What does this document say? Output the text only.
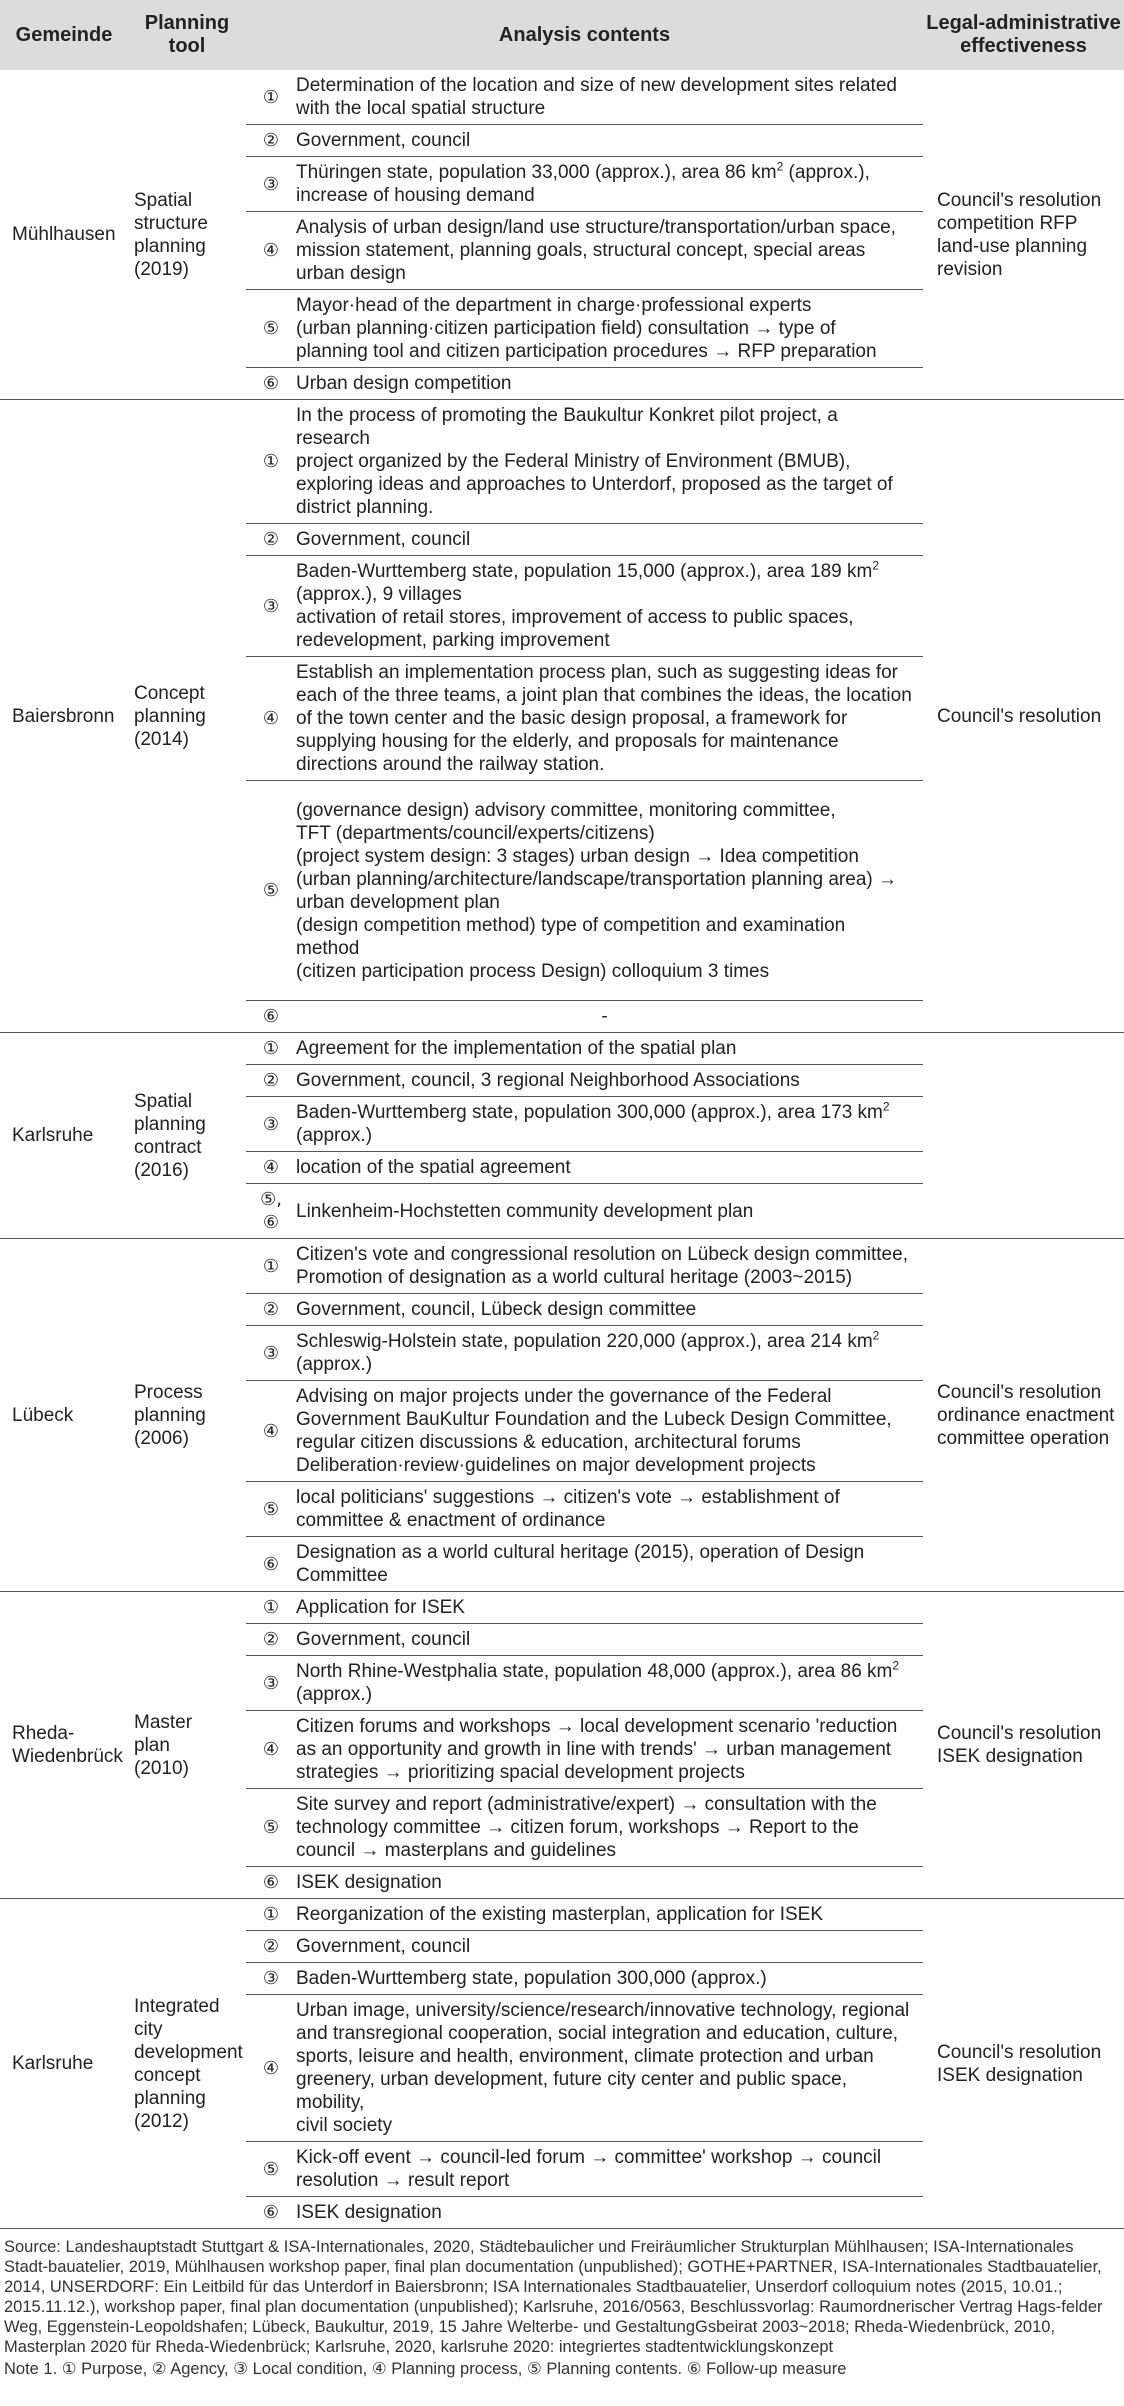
Gemeinde
Planning
tool
Analysis contents
Legal-administrative
effectiveness
Mühlhausen
Spatial
structure
planning
(2019)
①
Determination of the location and size of new development sites related
with the local spatial structure
② Government, council
③
Thüringen state, population 33,000 (approx.), area 86 $km^2$ (approx.),
increase of housing demand
④
Analysis of urban design/land use structure/transportation/urban space,
mission statement, planning goals, structural concept, special areas
urban design
⑤
Mayor·head of the department in charge·professional experts
(urban planning·citizen participation field) consultation → type of
planning tool and citizen participation procedures → RFP preparation
⑥ Urban design competition
Council's resolution
competition RFP
land-use planning
revision
Baiersbronn
Concept
planning
(2014)
①
In the process of promoting the Baukultur Konkret pilot project, a research
project organized by the Federal Ministry of Environment (BMUB),
exploring ideas and approaches to Unterdorf, proposed as the target of
district planning.
② Government, council
③
Baden-Wurttemberg state, population 15,000 (approx.), area 189 $km^2$
(approx.), 9 villages
activation of retail stores, improvement of access to public spaces,
redevelopment, parking improvement
④
Establish an implementation process plan, such as suggesting ideas for
each of the three teams, a joint plan that combines the ideas, the location
of the town center and the basic design proposal, a framework for
supplying housing for the elderly, and proposals for maintenance
directions around the railway station.
⑤
(governance design) advisory committee, monitoring committee,
TFT (departments/council/experts/citizens)
(project system design: 3 stages) urban design → Idea competition
(urban planning/architecture/landscape/transportation planning area) →
urban development plan
(design competition method) type of competition and examination
method
(citizen participation process Design) colloquium 3 times
⑥	-
Council's resolution
Karlsruhe
Spatial
planning
contract
(2016)
① Agreement for the implementation of the spatial plan
② Government, council, 3 regional Neighborhood Associations
③
Baden-Wurttemberg state, population 300,000 (approx.), area 173 $km^2$
(approx.)
④ location of the spatial agreement
⑤,
⑥
Linkenheim-Hochstetten community development plan
Lübeck
Process
planning
(2006)
①
Citizen's vote and congressional resolution on Lübeck design committee,
Promotion of designation as a world cultural heritage (2003~2015)
② Government, council, Lübeck design committee
③
Schleswig-Holstein state, population 220,000 (approx.), area 214 $km^2$
(approx.)
④
Advising on major projects under the governance of the Federal
Government BauKultur Foundation and the Lubeck Design Committee,
regular citizen discussions & education, architectural forums
Deliberation·review·guidelines on major development projects
⑤
local politicians' suggestions → citizen's vote → establishment of
committee & enactment of ordinance
⑥
Designation as a world cultural heritage (2015), operation of Design
Committee
Council's resolution
ordinance enactment
committee operation
Rheda-
Wiedenbrück
Master
plan
(2010)
① Application for ISEK
② Government, council
③
North Rhine-Westphalia state, population 48,000 (approx.), area 86 $km^2$
(approx.)
④
Citizen forums and workshops → local development scenario 'reduction
as an opportunity and growth in line with trends' → urban management
strategies → prioritizing spacial development projects
⑤
Site survey and report (administrative/expert) → consultation with the
technology committee → citizen forum, workshops → Report to the
council → masterplans and guidelines
⑥ ISEK designation
Council's resolution
ISEK designation
Karlsruhe
Integrated
city
development
concept
planning
(2012)
① Reorganization of the existing masterplan, application for ISEK
② Government, council
③ Baden-Wurttemberg state, population 300,000 (approx.)
④
Urban image, university/science/research/innovative technology, regional
and transregional cooperation, social integration and education, culture,
sports, leisure and health, environment, climate protection and urban
greenery, urban development, future city center and public space, mobility,
civil society
⑤
Kick-off event → council-led forum → committee' workshop → council
resolution → result report
⑥ ISEK designation
Council's resolution
ISEK designation
Source: Landeshauptstadt Stuttgart & ISA-Internationales, 2020, Städtebaulicher und Freiräumlicher Strukturplan Mühlhausen; ISA-Internationales Stadt-bauatelier, 2019, Mühlhausen workshop paper, final plan documentation (unpublished); GOTHE+PARTNER, ISA-Internationales Stadtbauatelier, 2014, UNSERDORF: Ein Leitbild für das Unterdorf in Baiersbronn; ISA Internationales Stadtbauatelier, Unserdorf colloquium notes (2015, 10.01.; 2015.11.12.), workshop paper, final plan documentation (unpublished); Karlsruhe, 2016/0563, Beschlussvorlag: Raumordnerischer Vertrag Hags-felder Weg, Eggenstein-Leopoldshafen; Lübeck, Baukultur, 2019, 15 Jahre Welterbe- und GestaltungGsbeirat 2003~2018; Rheda-Wiedenbrück, 2010, Masterplan 2020 für Rheda-Wiedenbrück; Karlsruhe, 2020, karlsruhe 2020: integriertes stadtentwicklungskonzept
Note 1. ① Purpose, ② Agency, ③ Local condition, ④ Planning process, ⑤ Planning contents. ⑥ Follow-up measure
